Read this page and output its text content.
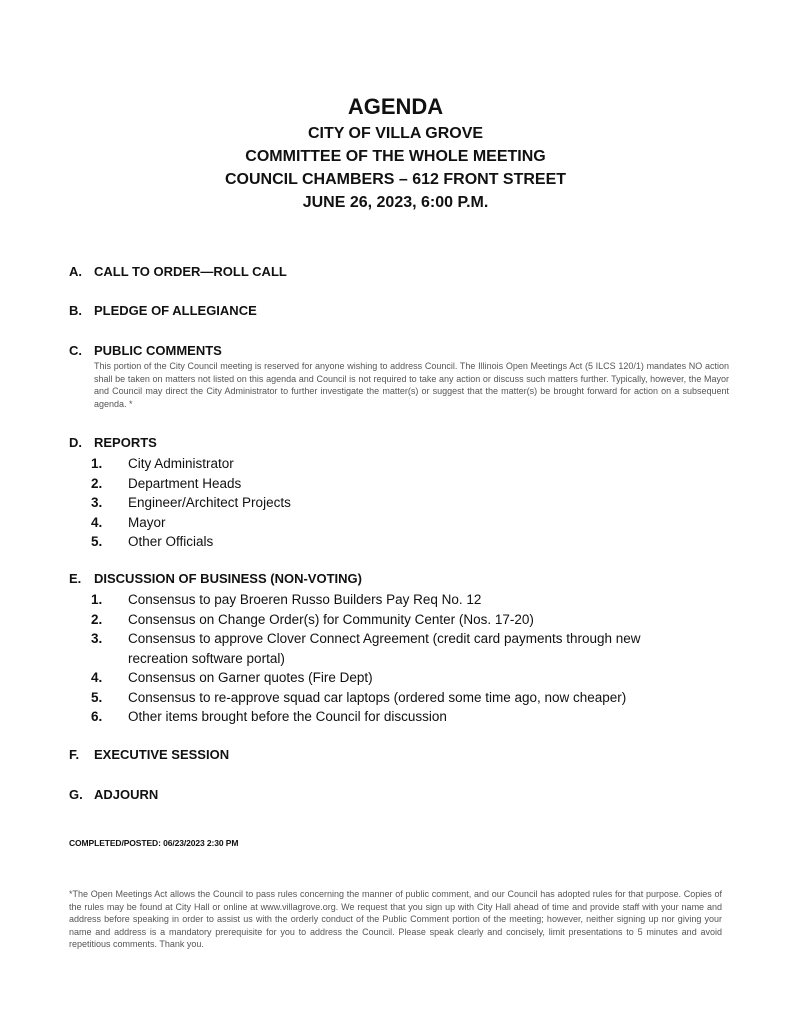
AGENDA
CITY OF VILLA GROVE
COMMITTEE OF THE WHOLE MEETING
COUNCIL CHAMBERS – 612 FRONT STREET
JUNE 26, 2023, 6:00 P.M.
A. CALL TO ORDER—ROLL CALL
B. PLEDGE OF ALLEGIANCE
C. PUBLIC COMMENTS
This portion of the City Council meeting is reserved for anyone wishing to address Council. The Illinois Open Meetings Act (5 ILCS 120/1) mandates NO action shall be taken on matters not listed on this agenda and Council is not required to take any action or discuss such matters further. Typically, however, the Mayor and Council may direct the City Administrator to further investigate the matter(s) or suggest that the matter(s) be brought forward for action on a subsequent agenda. *
D. REPORTS
1.	City Administrator
2.	Department Heads
3.	Engineer/Architect Projects
4.	Mayor
5.	Other Officials
E. DISCUSSION OF BUSINESS (NON-VOTING)
1.	Consensus to pay Broeren Russo Builders Pay Req No. 12
2.	Consensus on Change Order(s) for Community Center (Nos. 17-20)
3.	Consensus to approve Clover Connect Agreement (credit card payments through new recreation software portal)
4.	Consensus on Garner quotes (Fire Dept)
5.	Consensus to re-approve squad car laptops (ordered some time ago, now cheaper)
6.	Other items brought before the Council for discussion
F.	EXECUTIVE SESSION
G. ADJOURN
COMPLETED/POSTED: 06/23/2023 2:30 PM
*The Open Meetings Act allows the Council to pass rules concerning the manner of public comment, and our Council has adopted rules for that purpose. Copies of the rules may be found at City Hall or online at www.villagrove.org. We request that you sign up with City Hall ahead of time and provide staff with your name and address before speaking in order to assist us with the orderly conduct of the Public Comment portion of the meeting; however, neither signing up nor giving your name and address is a mandatory prerequisite for you to address the Council. Please speak clearly and concisely, limit presentations to 5 minutes and avoid repetitious comments. Thank you.
